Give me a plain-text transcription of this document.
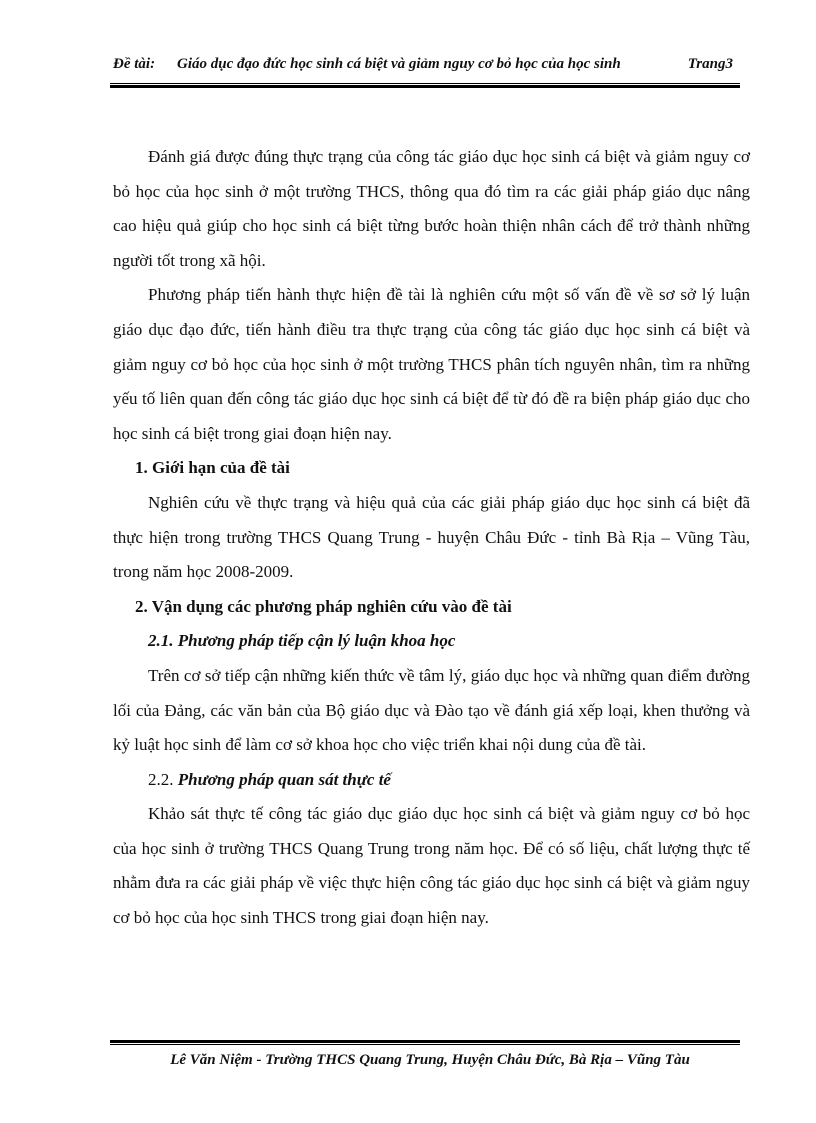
Đề tài: Giáo dục đạo đức học sinh cá biệt và giảm nguy cơ bỏ học của học sinh	Trang3

Đánh giá được đúng thực trạng của công tác giáo dục học sinh cá biệt và giảm nguy cơ bỏ học của học sinh ở một trường THCS, thông qua đó tìm ra các giải pháp giáo dục nâng cao hiệu quả giúp cho học sinh cá biệt từng bước hoàn thiện nhân cách để trở thành những người tốt trong xã hội.

Phương pháp tiến hành thực hiện đề tài là nghiên cứu một số vấn đề về sơ sở lý luận giáo dục đạo đức, tiến hành điều tra thực trạng của công tác giáo dục học sinh cá biệt và giảm nguy cơ bỏ học của học sinh ở một trường THCS phân tích nguyên nhân, tìm ra những yếu tố liên quan đến công tác giáo dục học sinh cá biệt để từ đó đề ra biện pháp giáo dục cho học sinh cá biệt trong giai đoạn hiện nay.

1. Giới hạn của đề tài

Nghiên cứu về thực trạng và hiệu quả của các giải pháp giáo dục học sinh cá biệt đã thực hiện trong trường THCS Quang Trung - huyện Châu Đức - tỉnh Bà Rịa – Vũng Tàu, trong năm học 2008-2009.

2. Vận dụng các phương pháp nghiên cứu vào đề tài
2.1. Phương pháp tiếp cận lý luận khoa học

Trên cơ sở tiếp cận những kiến thức về tâm lý, giáo dục học và những quan điểm đường lối của Đảng, các văn bản của Bộ giáo dục và Đào tạo về đánh giá xếp loại, khen thưởng và kỷ luật học sinh để làm cơ sở khoa học cho việc triển khai nội dung của đề tài.

2.2. Phương pháp quan sát thực tế

Khảo sát thực tế công tác giáo dục giáo dục học sinh cá biệt và giảm nguy cơ bỏ học của học sinh ở trường THCS Quang Trung trong năm học. Để có số liệu, chất lượng thực tế nhằm đưa ra các giải pháp về việc thực hiện công tác giáo dục học sinh cá biệt và giảm nguy cơ bỏ học của học sinh THCS trong giai đoạn hiện nay.

Lê Văn Niệm - Trường THCS Quang Trung, Huyện Châu Đức, Bà Rịa – Vũng Tàu
